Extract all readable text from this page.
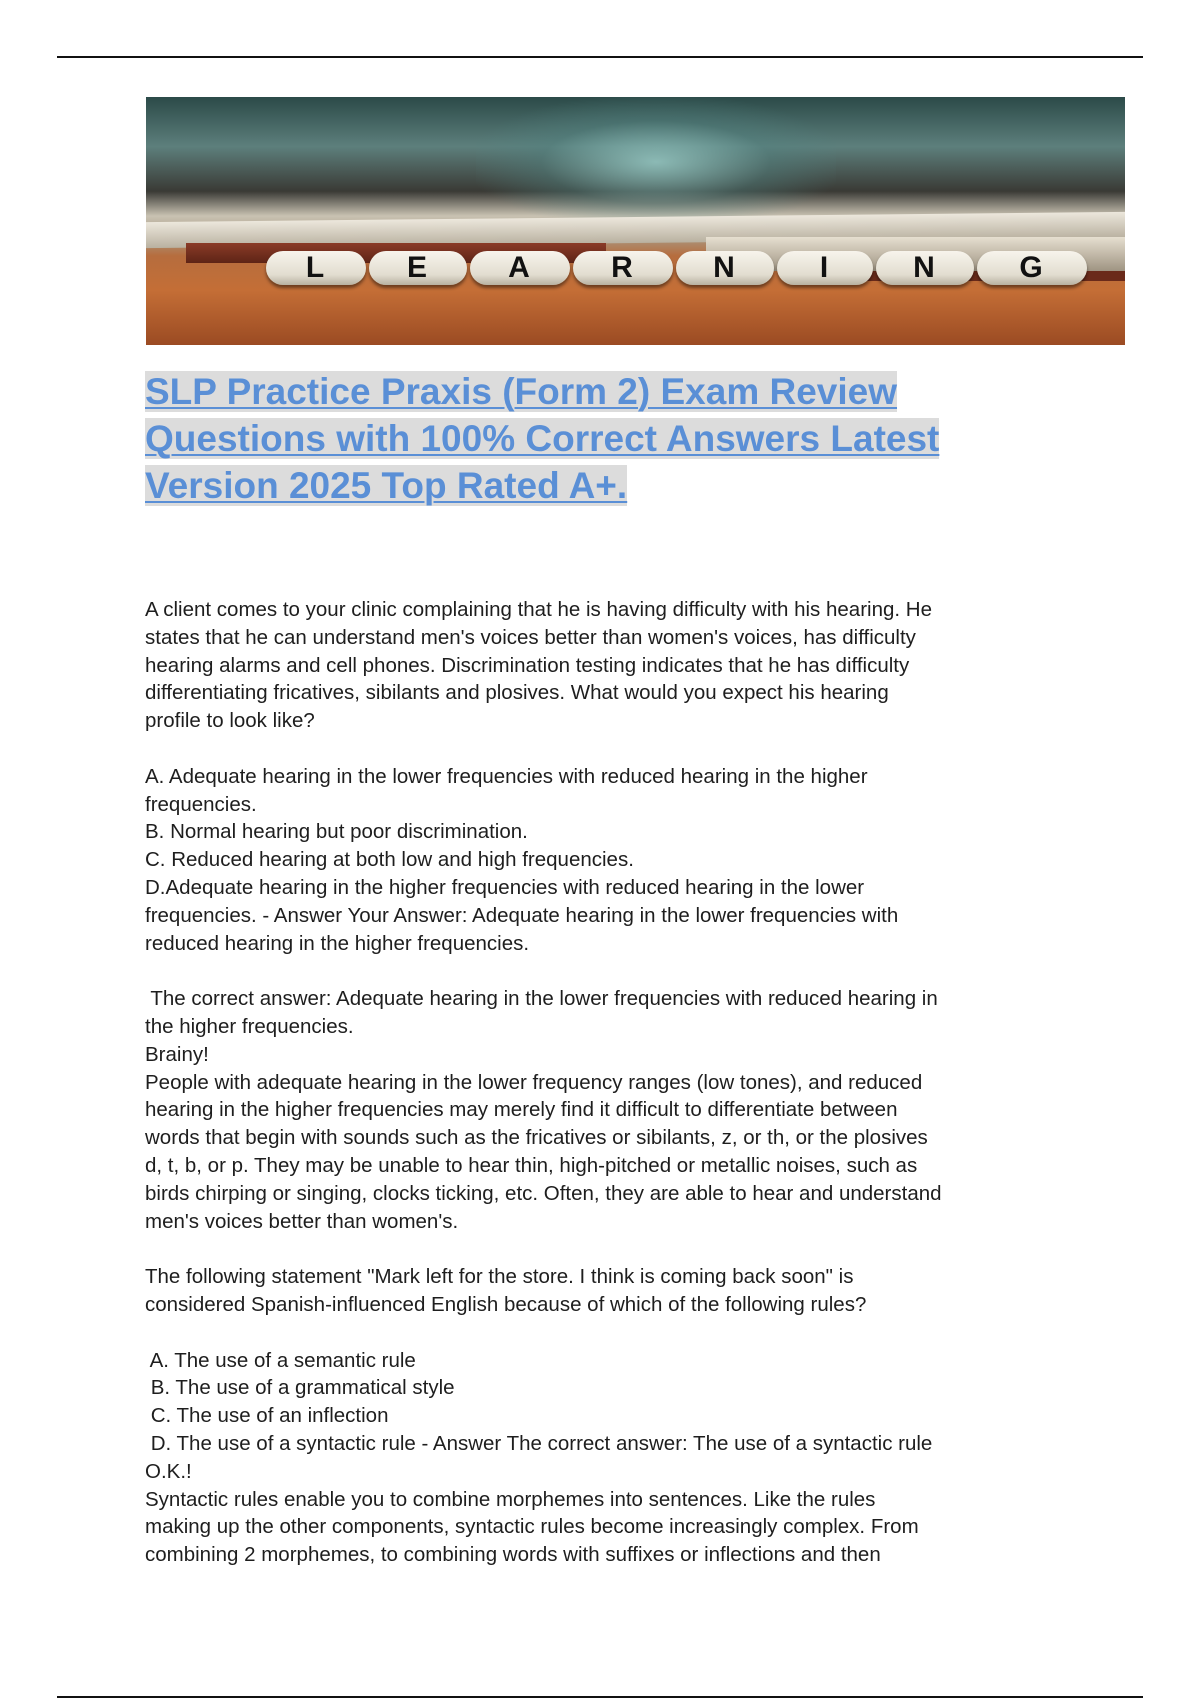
L	E	A	R	N	I	N	G
SLP Practice Praxis (Form 2) Exam Review
Questions with 100% Correct Answers Latest
Version 2025 Top Rated A+.

A client comes to your clinic complaining that he is having difficulty with his hearing. He

states that he can understand men's voices better than women's voices, has difficulty

hearing alarms and cell phones. Discrimination testing indicates that he has difficulty

differentiating fricatives, sibilants and plosives. What would you expect his hearing

profile to look like?

A. Adequate hearing in the lower frequencies with reduced hearing in the higher

frequencies.

B. Normal hearing but poor discrimination.

C. Reduced hearing at both low and high frequencies.

D.Adequate hearing in the higher frequencies with reduced hearing in the lower

frequencies. - Answer Your Answer: Adequate hearing in the lower frequencies with

reduced hearing in the higher frequencies.

The correct answer: Adequate hearing in the lower frequencies with reduced hearing in

the higher frequencies.

Brainy!

People with adequate hearing in the lower frequency ranges (low tones), and reduced

hearing in the higher frequencies may merely find it difficult to differentiate between

words that begin with sounds such as the fricatives or sibilants, z, or th, or the plosives

d, t, b, or p. They may be unable to hear thin, high-pitched or metallic noises, such as

birds chirping or singing, clocks ticking, etc. Often, they are able to hear and understand

men's voices better than women's.

The following statement "Mark left for the store. I think is coming back soon" is

considered Spanish-influenced English because of which of the following rules?

A. The use of a semantic rule

B. The use of a grammatical style

C. The use of an inflection

D. The use of a syntactic rule - Answer The correct answer: The use of a syntactic rule

O.K.!

Syntactic rules enable you to combine morphemes into sentences. Like the rules

making up the other components, syntactic rules become increasingly complex. From

combining 2 morphemes, to combining words with suffixes or inflections and then
